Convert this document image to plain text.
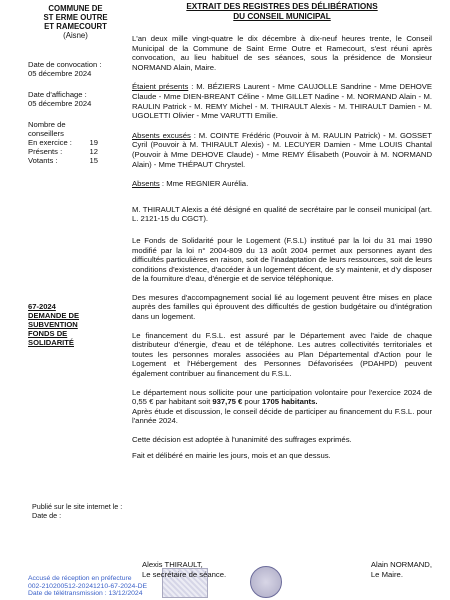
COMMUNE DE
ST ERME OUTRE
ET RAMECOURT
(Aisne)
Date de convocation :
05 décembre 2024
Date d'affichage :
05 décembre 2024
Nombre de
conseillers
En exercice :	19
Présents :	12
Votants :	15
67-2024
DEMANDE DE
SUBVENTION
FONDS DE
SOLIDARITÉ
Publié sur le site internet le :
Date de :
EXTRAIT DES REGISTRES DES DÉLIBÉRATIONS
DU CONSEIL MUNICIPAL

L'an deux mille vingt-quatre le dix décembre à dix-neuf heures trente, le Conseil Municipal de la Commune de Saint Erme Outre et Ramecourt, s'est réuni après convocation, au lieu habituel de ses séances, sous la présidence de Monsieur NORMAND Alain, Maire.

Étaient présents : M. BÉZIERS Laurent - Mme CAUJOLLE Sandrine - Mme DEHOVE Claude - Mme DIEN-BREANT Céline - Mme GILLET Nadine - M. NORMAND Alain - M. RAULIN Patrick - M. REMY Michel - M. THIRAULT Alexis - M. THIRAULT Damien - M. UGOLETTI Olivier - Mme VARUTTI Emilie.

Absents excusés : M. COINTE Frédéric (Pouvoir à M. RAULIN Patrick) - M. GOSSET Cyril (Pouvoir à M. THIRAULT Alexis) - M. LECUYER Damien - Mme LOUIS Chantal (Pouvoir à Mme DEHOVE Claude) - Mme REMY Élisabeth (Pouvoir à M. NORMAND Alain) - Mme THÉPAUT Chrystel.

Absents : Mme REGNIER Aurélia.

M. THIRAULT Alexis a été désigné en qualité de secrétaire par le conseil municipal (art. L. 2121-15 du CGCT).

Le Fonds de Solidarité pour le Logement (F.S.L) institué par la loi du 31 mai 1990 modifié par la loi n° 2004-809 du 13 août 2004 permet aux personnes ayant des difficultés particulières en raison, soit de l'inadaptation de leurs ressources, soit de leurs conditions d'existence, d'accéder à un logement décent, de s'y maintenir, et d'y disposer de la fourniture d'eau, d'énergie et de service téléphonique.

Des mesures d'accompagnement social lié au logement peuvent être mises en place auprès des familles qui éprouvent des difficultés de gestion budgétaire ou d'intégration dans un logement.

Le financement du F.S.L. est assuré par le Département avec l'aide de chaque distributeur d'énergie, d'eau et de téléphone. Les autres collectivités territoriales et toutes les personnes morales associées au Plan Départemental d'Action pour le Logement et l'Hébergement des Personnes Défavorisées (PDAHPD) peuvent également contribuer au financement du F.S.L.

Le département nous sollicite pour une participation volontaire pour l'exercice 2024 de 0,55 € par habitant soit 937,75 € pour 1705 habitants.

Après étude et discussion, le conseil décide de participer au financement du F.S.L. pour l'année 2024.

Cette décision est adoptée à l'unanimité des suffrages exprimés.

Fait et délibéré en mairie les jours, mois et an que dessus.

Alexis THIRAULT,
Le secrétaire de séance.
Alain NORMAND,
Le Maire.
Accusé de réception en préfecture
002-210200512-20241210-67-2024-DE
Date de télétransmission : 13/12/2024
